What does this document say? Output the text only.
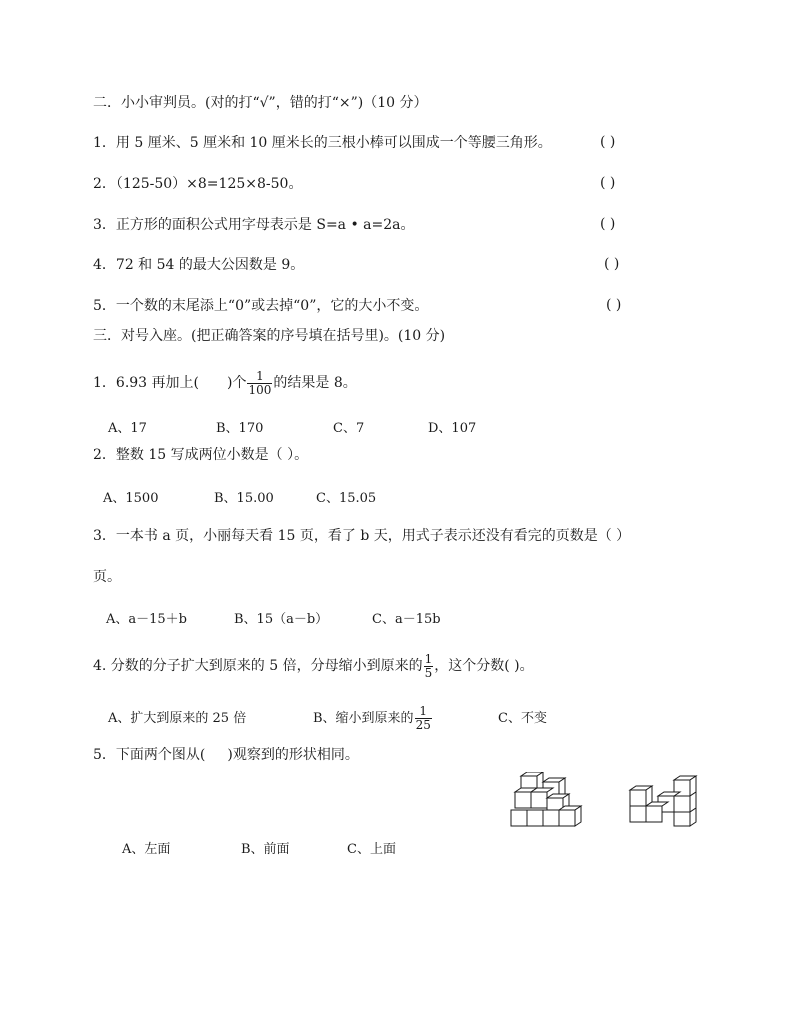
二．小小审判员。(对的打“√”，错的打“×”)（10 分）
1．用 5 厘米、5 厘米和 10 厘米长的三根小棒可以围成一个等腰三角形。	( )
2．（125-50）×8=125×8-50。	( )
3．正方形的面积公式用字母表示是 S=a • a=2a。	( )
4．72 和 54 的最大公因数是 9。	( )
5．一个数的末尾添上“0”或去掉“0”，它的大小不变。	( )
三．对号入座。(把正确答案的序号填在括号里)。(10 分)
1．6.93 再加上( )个 $\frac{1}{100}$ 的结果是 8。
A、17	B、170	C、7	D、107
2．整数 15 写成两位小数是（ ）。
A、1500	B、15.00	C、15.05
3．一本书 a 页，小丽每天看 15 页，看了 b 天，用式子表示还没有看完的页数是（ ）
页。
A、a－15＋b	B、15（a－b）	C、a－15b
4. 分数的分子扩大到原来的 5 倍，分母缩小到原来的 $\frac{1}{5}$ ，这个分数( )。
A、扩大到原来的 25 倍	B、缩小到原来的 $\frac{1}{25}$	C、不变
5．下面两个图从( )观察到的形状相同。
A、左面	B、前面	C、上面
